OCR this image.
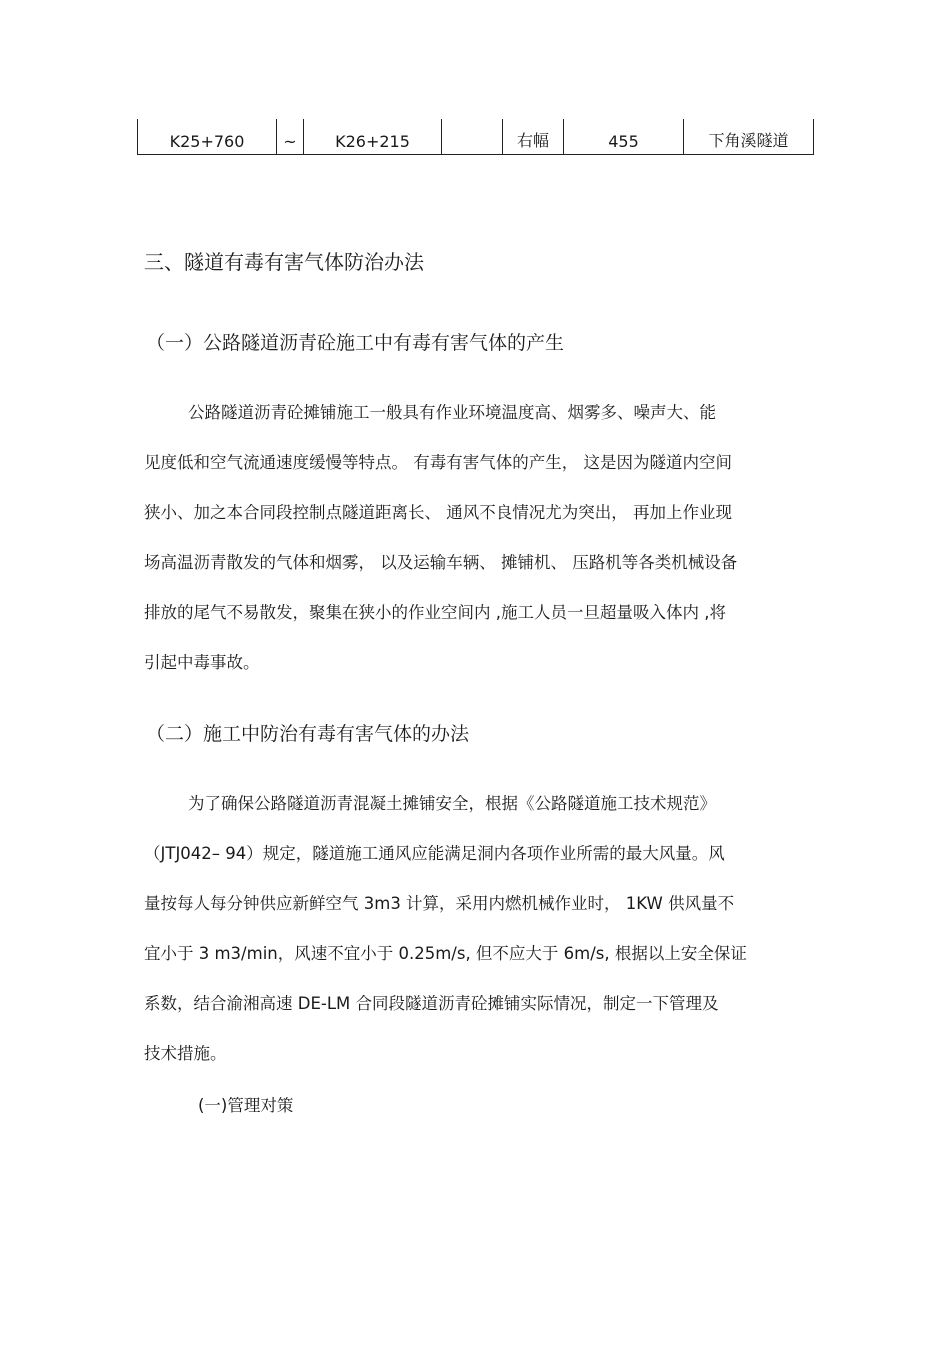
K25+760	~	K26+215		右幅	455	下角溪隧道
三、隧道有毒有害气体防治办法
（一）公路隧道沥青砼施工中有毒有害气体的产生
公路隧道沥青砼摊铺施工一般具有作业环境温度高、烟雾多、噪声大、能
见度低和空气流通速度缓慢等特点。 有毒有害气体的产生， 这是因为隧道内空间
狭小、加之本合同段控制点隧道距离长、 通风不良情况尤为突出， 再加上作业现
场高温沥青散发的气体和烟雾， 以及运输车辆、 摊铺机、 压路机等各类机械设备
排放的尾气不易散发，聚集在狭小的作业空间内 ,施工人员一旦超量吸入体内 ,将
引起中毒事故。
（二）施工中防治有毒有害气体的办法
为了确保公路隧道沥青混凝土摊铺安全，根据《公路隧道施工技术规范》
（JTJ042– 94）规定，隧道施工通风应能满足洞内各项作业所需的最大风量。风
量按每人每分钟供应新鲜空气 3m3 计算，采用内燃机械作业时， 1KW 供风量不
宜小于 3 m3/min，风速不宜小于 0.25m/s, 但不应大于 6m/s, 根据以上安全保证
系数，结合渝湘高速 DE-LM 合同段隧道沥青砼摊铺实际情况，制定一下管理及
技术措施。
(一)管理对策
